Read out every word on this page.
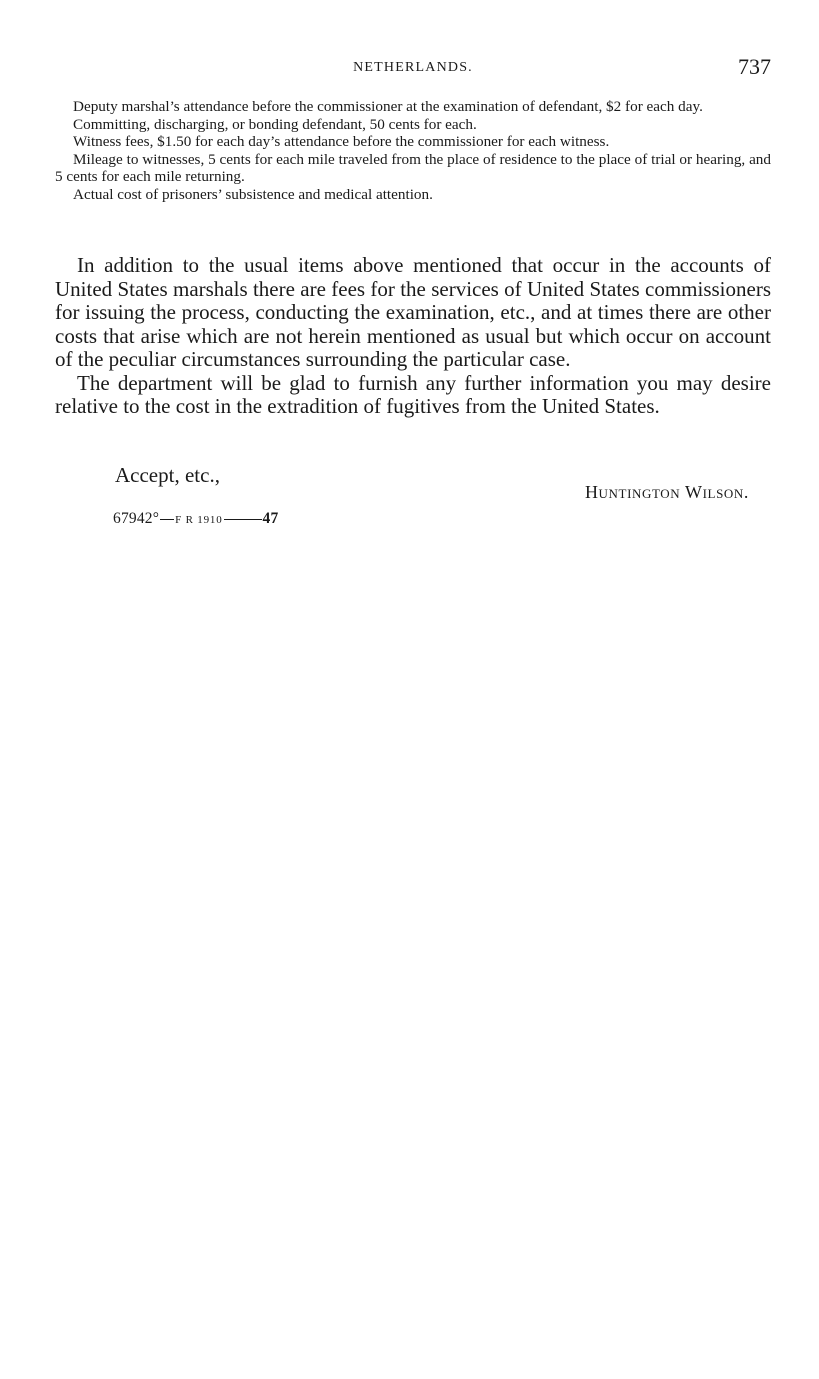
NETHERLANDS.	737

Deputy marshal’s attendance before the commissioner at the examination of defendant, $2 for each day.

Committing, discharging, or bonding defendant, 50 cents for each.

Witness fees, $1.50 for each day’s attendance before the commissioner for each witness.

Mileage to witnesses, 5 cents for each mile traveled from the place of residence to the place of trial or hearing, and 5 cents for each mile returning.

Actual cost of prisoners’ subsistence and medical attention.

In addition to the usual items above mentioned that occur in the accounts of United States marshals there are fees for the services of United States commissioners for issuing the process, conducting the examination, etc., and at times there are other costs that arise which are not herein mentioned as usual but which occur on account of the peculiar circumstances surrounding the particular case.

The department will be glad to furnish any further information you may desire relative to the cost in the extradition of fugitives from the United States.

Accept, etc.,
Huntington Wilson.
67942° F R 1910	47
